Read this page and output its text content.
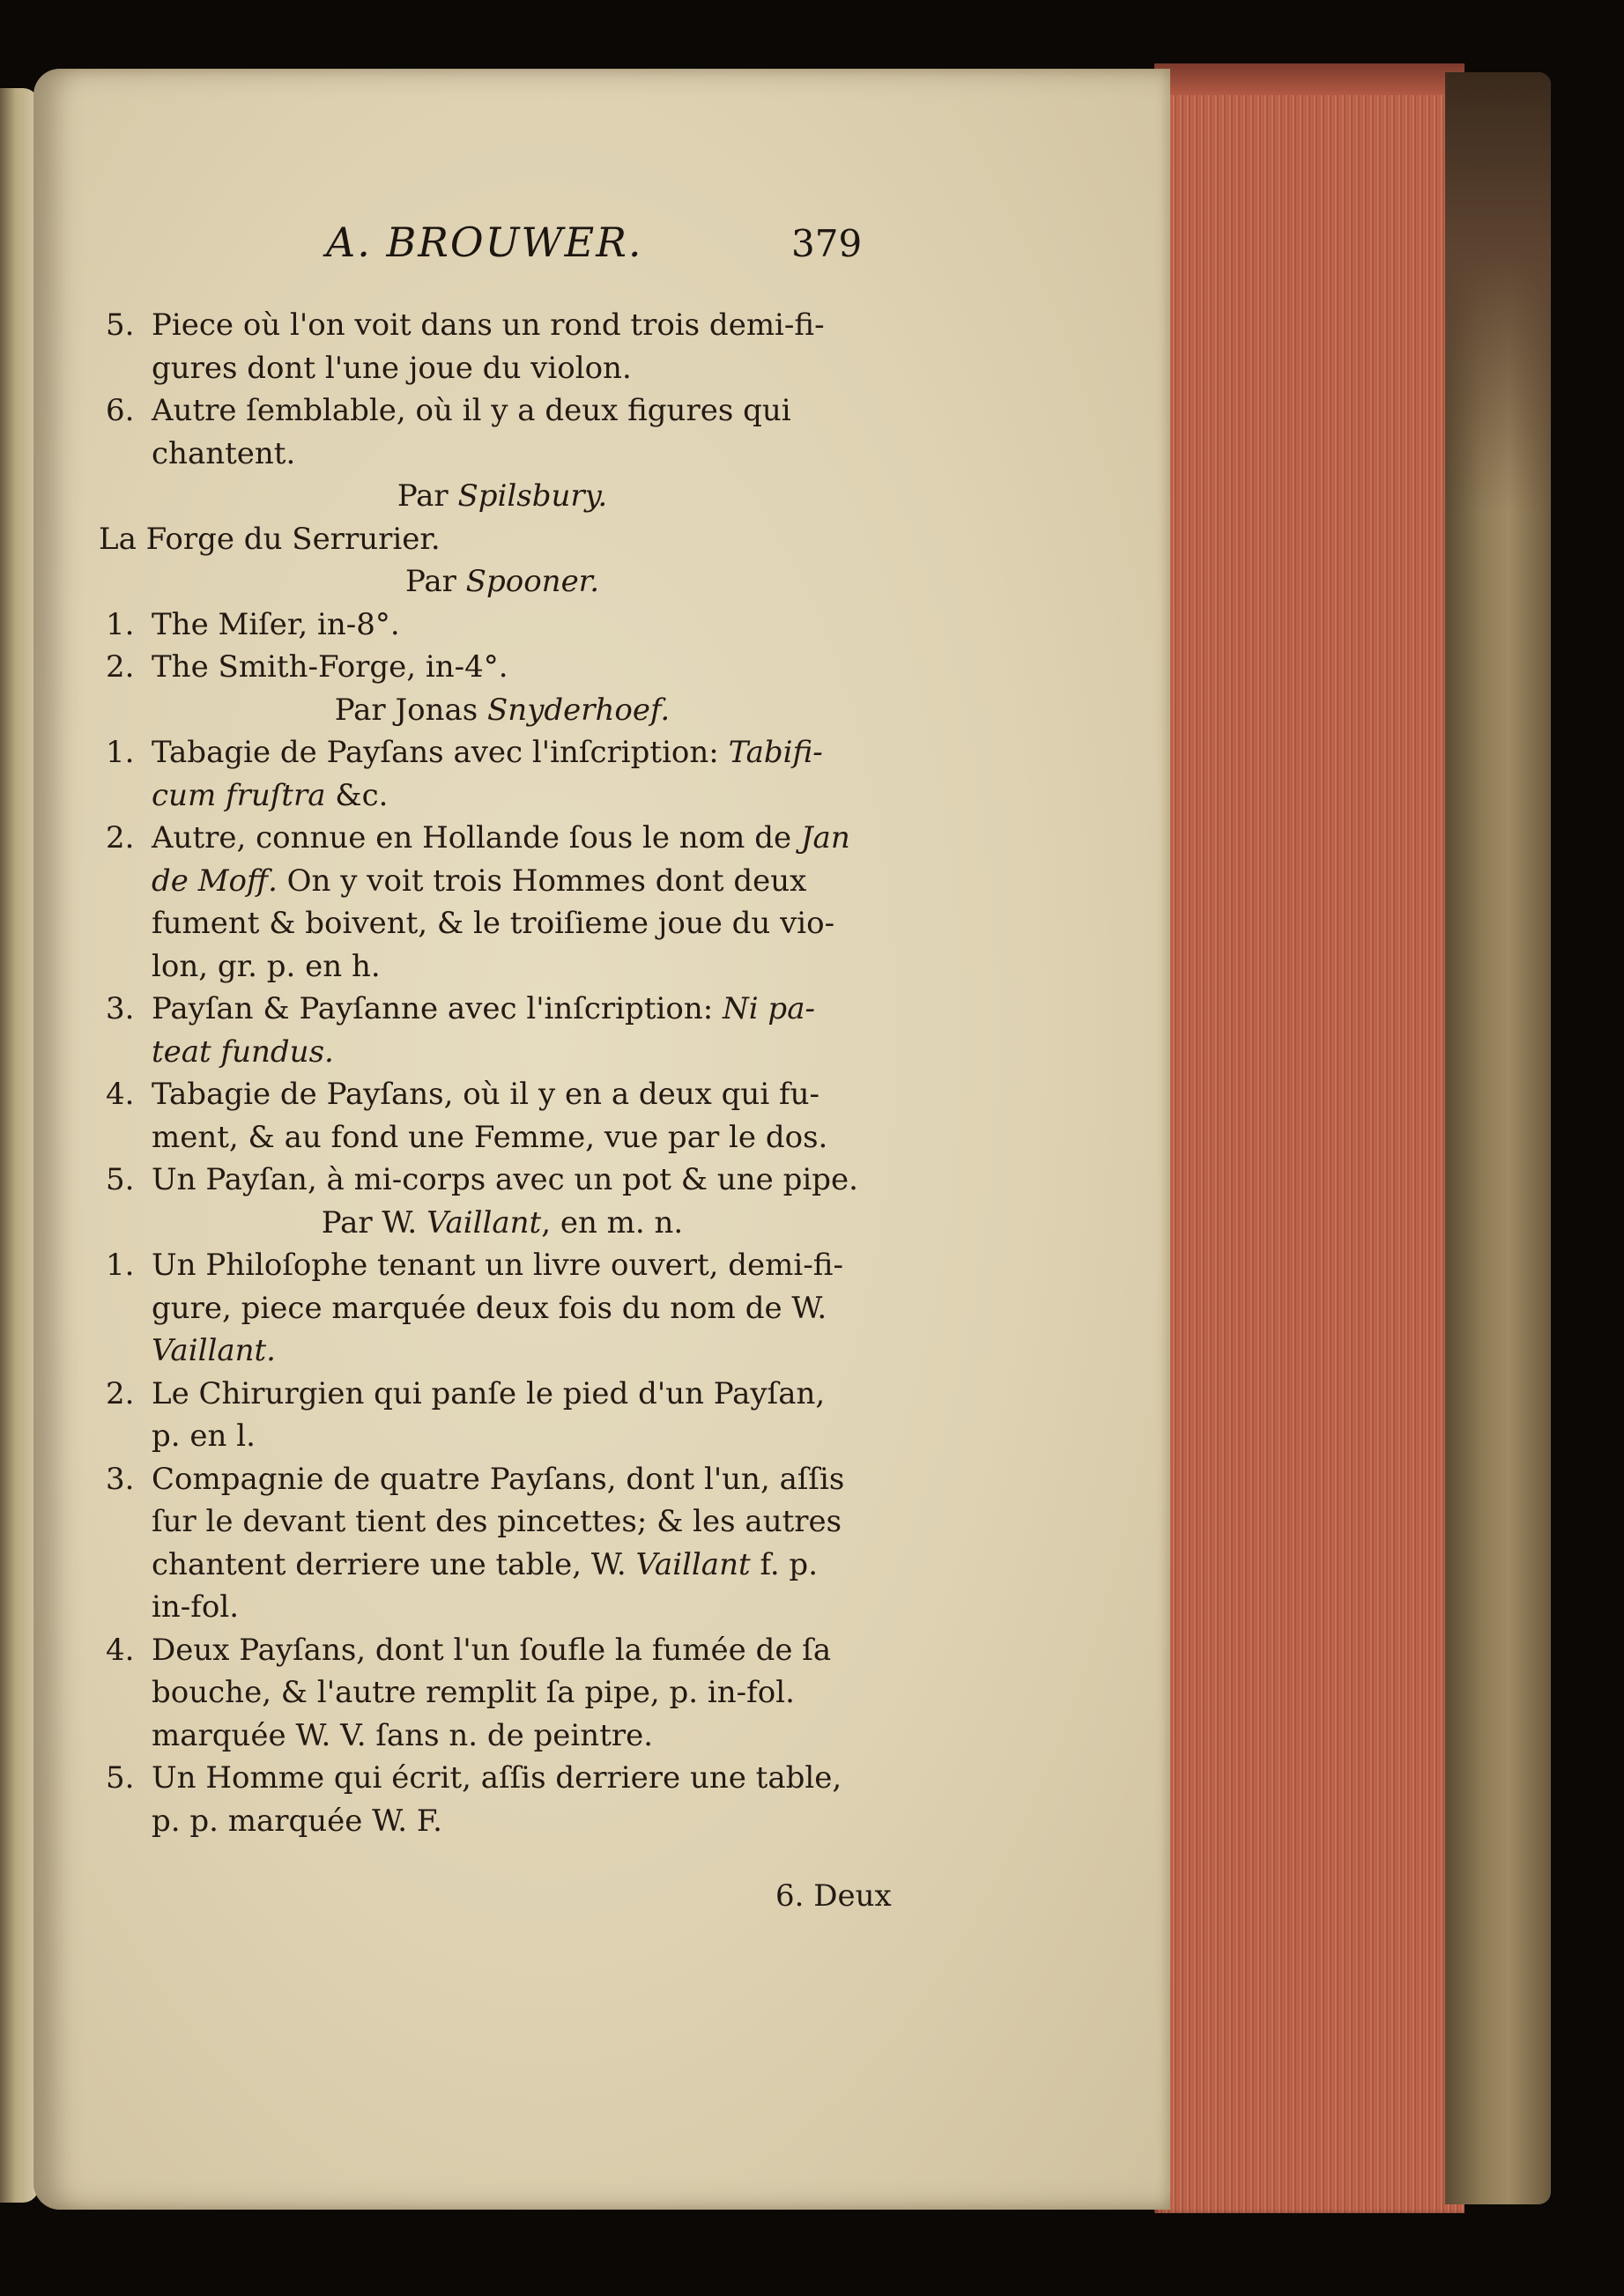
A. BROUWER.	379
5. Piece où l'on voit dans un rond trois demi-fi-
gures dont l'une joue du violon.
6. Autre ſemblable, où il y a deux figures qui
chantent.
Par Spilsbury.
La Forge du Serrurier.
Par Spooner.
1. The Miſer, in-8°.
2. The Smith-Forge, in-4°.
Par Jonas Snyderhoef.
1. Tabagie de Payſans avec l'inſcription: Tabifi-
cum fruſtra &c.
2. Autre, connue en Hollande ſous le nom de Jan
de Moff. On y voit trois Hommes dont deux
fument & boivent, & le troiſieme joue du vio-
lon, gr. p. en h.
3. Payſan & Payſanne avec l'inſcription: Ni pa-
teat fundus.
4. Tabagie de Payſans, où il y en a deux qui fu-
ment, & au fond une Femme, vue par le dos.
5. Un Payſan, à mi-corps avec un pot & une pipe.
Par W. Vaillant, en m. n.
1. Un Philoſophe tenant un livre ouvert, demi-fi-
gure, piece marquée deux fois du nom de W.
Vaillant.
2. Le Chirurgien qui panſe le pied d'un Payſan,
p. en l.
3. Compagnie de quatre Payſans, dont l'un, aſſis
ſur le devant tient des pincettes; & les autres
chantent derriere une table, W. Vaillant f. p.
in-fol.
4. Deux Payſans, dont l'un ſoufle la fumée de ſa
bouche, & l'autre remplit ſa pipe, p. in-fol.
marquée W. V. ſans n. de peintre.
5. Un Homme qui écrit, aſſis derriere une table,
p. p. marquée W. F.
6. Deux
